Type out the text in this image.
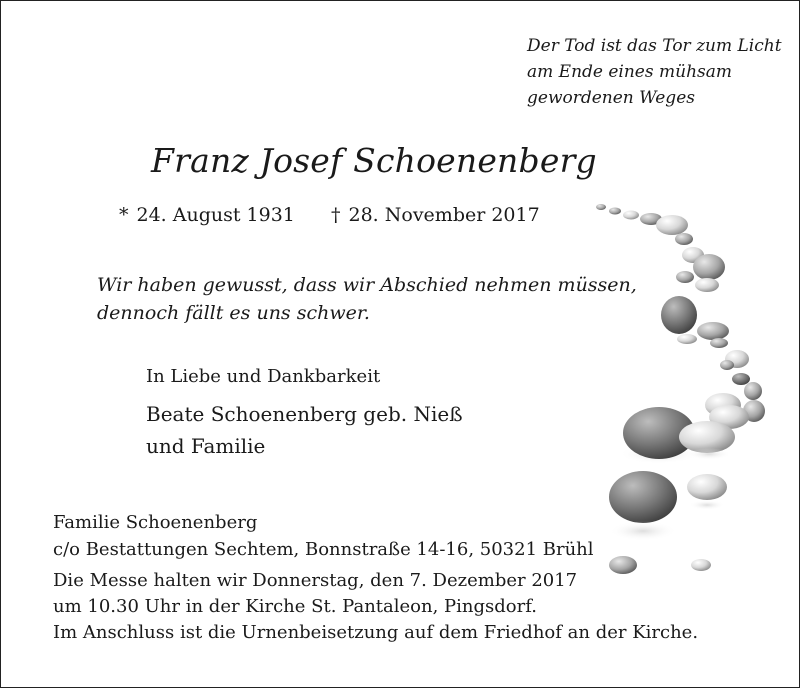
Der Tod ist das Tor zum Licht
am Ende eines mühsam
gewordenen Weges
Franz Josef Schoenenberg
* 24. August 1931 † 28. November 2017
Wir haben gewusst, dass wir Abschied nehmen müssen,
dennoch fällt es uns schwer.
In Liebe und Dankbarkeit
Beate Schoenenberg geb. Nieß
und Familie
Familie Schoenenberg
c/o Bestattungen Sechtem, Bonnstraße 14-16, 50321 Brühl
Die Messe halten wir Donnerstag, den 7. Dezember 2017
um 10.30 Uhr in der Kirche St. Pantaleon, Pingsdorf.
Im Anschluss ist die Urnenbeisetzung auf dem Friedhof an der Kirche.
